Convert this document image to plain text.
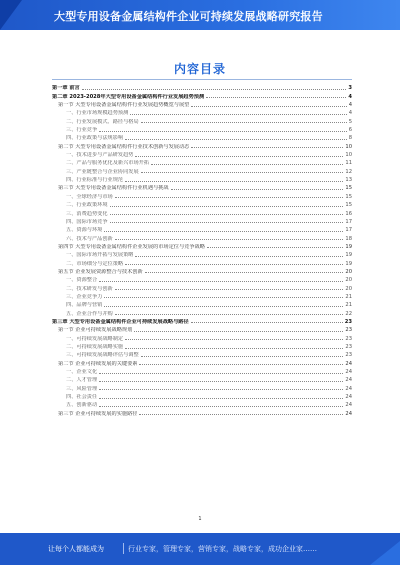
大型专用设备金属结构件企业可持续发展战略研究报告
内容目录
第一章 前言	3
第二章 2023-2028年大型专用设备金属结构件行业发展趋势预测	4
第一节 大型专用设备金属结构件行业发展趋势概览与展望	4
一、行业市场规模趋势预测	4
二、行业发展模式、路径与格局	5
三、行业竞争	6
四、行业政策与法规影响	8
第二节 大型专用设备金属结构件行业技术创新与发展动态	10
一、技术进步与产品研发趋势	10
二、产品与服务优化及新兴市场开拓	11
三、产业链整合与企业协同发展	12
四、行业标准与行业规范	13
第三节 大型专用设备金属结构件行业机遇与挑战	15
一、全球经济与市场	15
二、行业政策环境	15
三、消费趋势变化	16
四、国际市场竞争	17
五、资源与环境	17
六、技术与产品创新	18
第四节 大型专用设备金属结构件企业发展的市场定位与竞争战略	19
一、国际市场开拓与发展策略	19
二、市场细分与定位策略	19
第五节 企业发展资源整合与技术创新	20
一、资源整合	20
二、技术研发与创新	20
三、企业竞争力	21
四、品牌与营销	21
五、企业合作与并购	22
第三章 大型专用设备金属结构件企业可持续发展战略与路径	23
第一节 企业可持续发展战略规划	23
一、可持续发展战略制定	23
二、可持续发展战略实施	23
三、可持续发展战略评估与调整	23
第二节 企业可持续发展的关键要素	24
一、企业文化	24
二、人才管理	24
三、风险管理	24
四、社会责任	24
五、创新驱动	24
第三节 企业可持续发展的实施路径	24
1
让每个人都能成为	行业专家，管理专家，营销专家，战略专家，成功企业家……
